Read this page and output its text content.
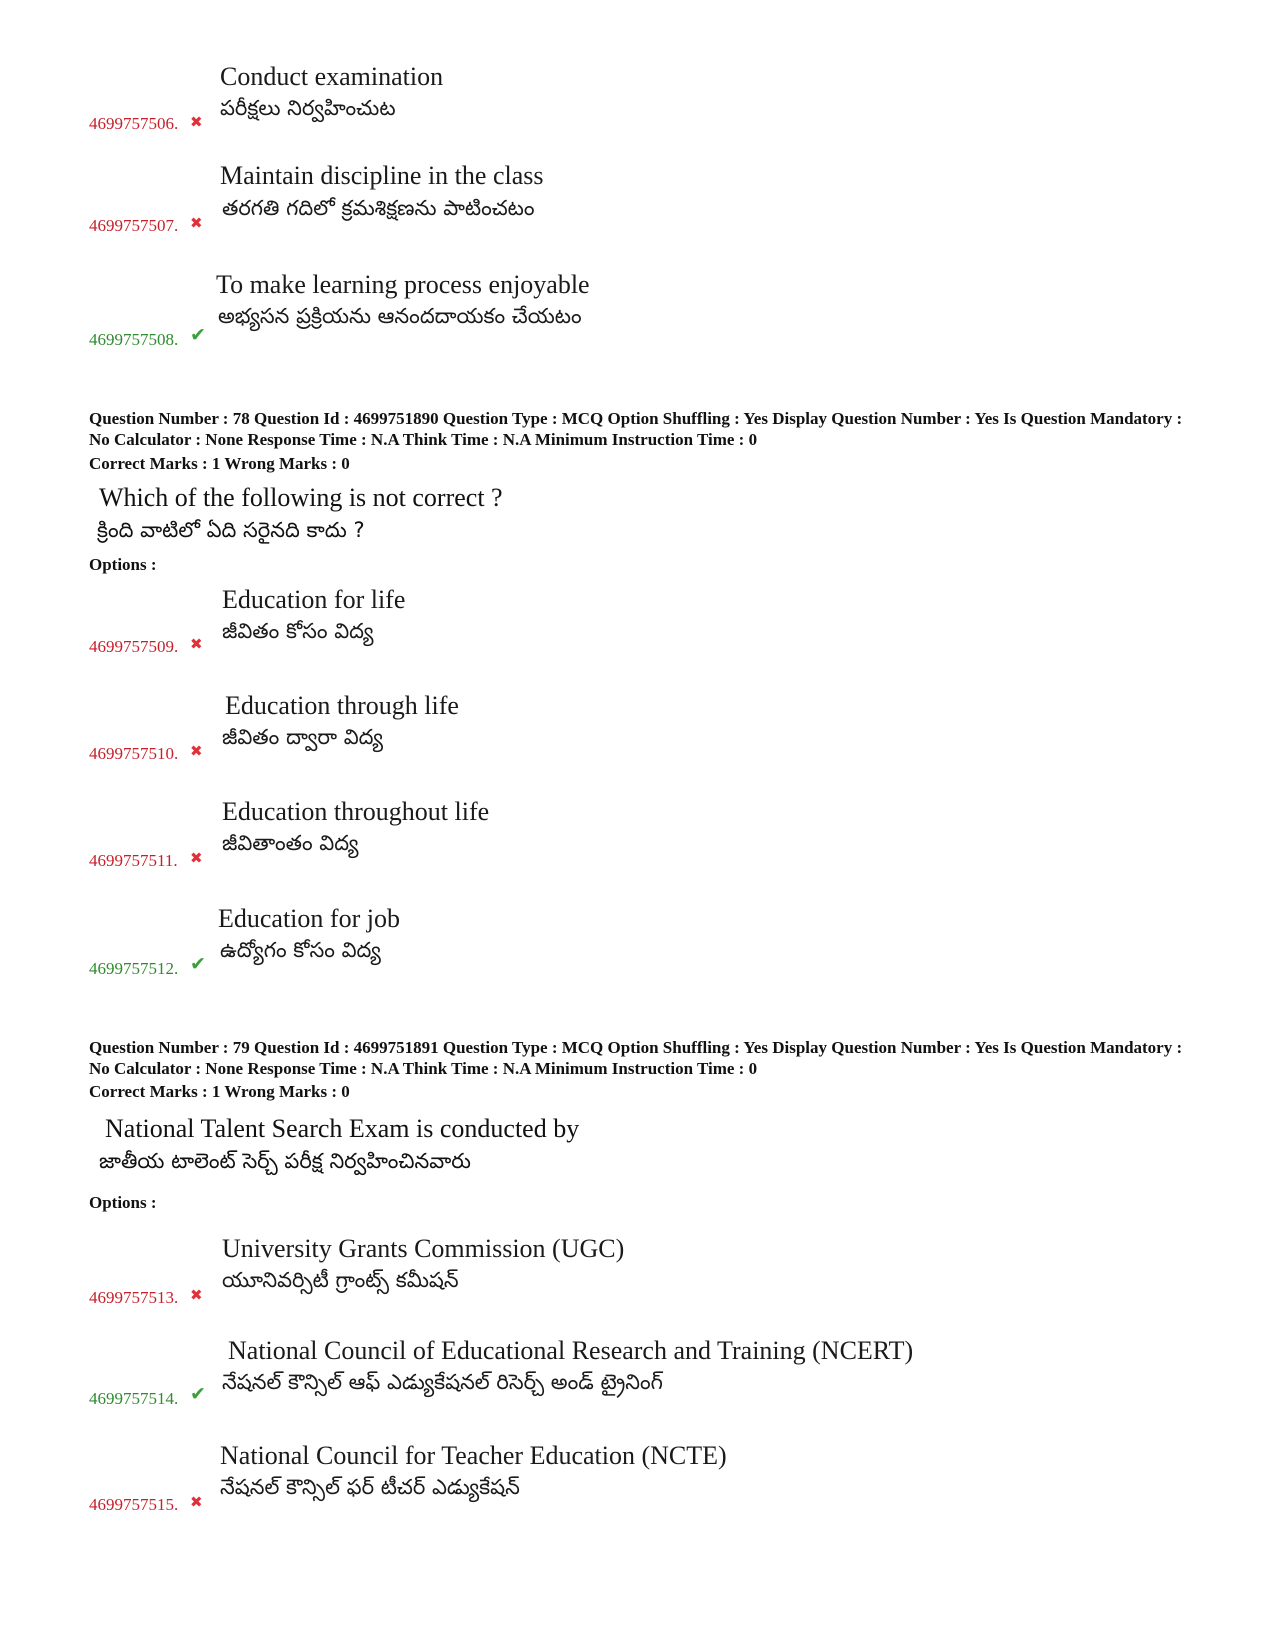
Conduct examination
పరీక్షలు నిర్వహించుట
4699757506. ✖
Maintain discipline in the class
తరగతి గదిలో క్రమశిక్షణను పాటించటం
4699757507. ✖
To make learning process enjoyable
అభ్యసన ప్రక్రియను ఆనందదాయకం చేయటం
4699757508. ✔
Question Number : 78 Question Id : 4699751890 Question Type : MCQ Option Shuffling : Yes Display Question Number : Yes Is Question Mandatory : No Calculator : None Response Time : N.A Think Time : N.A Minimum Instruction Time : 0
Correct Marks : 1 Wrong Marks : 0
Which of the following is not correct ?
క్రింది వాటిలో ఏది సరైనది కాదు ?
Options :
Education for life
జీవితం కోసం విద్య
4699757509. ✖
Education through life
జీవితం ద్వారా విద్య
4699757510. ✖
Education throughout life
జీవితాంతం విద్య
4699757511. ✖
Education for job
ఉద్యోగం కోసం విద్య
4699757512. ✔
Question Number : 79 Question Id : 4699751891 Question Type : MCQ Option Shuffling : Yes Display Question Number : Yes Is Question Mandatory : No Calculator : None Response Time : N.A Think Time : N.A Minimum Instruction Time : 0
Correct Marks : 1 Wrong Marks : 0
National Talent Search Exam is conducted by
జాతీయ టాలెంట్ సెర్చ్ పరీక్ష నిర్వహించినవారు
Options :
University Grants Commission (UGC)
యూనివర్సిటీ గ్రాంట్స్ కమీషన్
4699757513. ✖
National Council of Educational Research and Training (NCERT)
నేషనల్ కౌన్సిల్ ఆఫ్ ఎడ్యుకేషనల్ రిసెర్చ్ అండ్ ట్రైనింగ్
4699757514. ✔
National Council for Teacher Education (NCTE)
నేషనల్ కౌన్సిల్ ఫర్ టీచర్ ఎడ్యుకేషన్
4699757515. ✖
